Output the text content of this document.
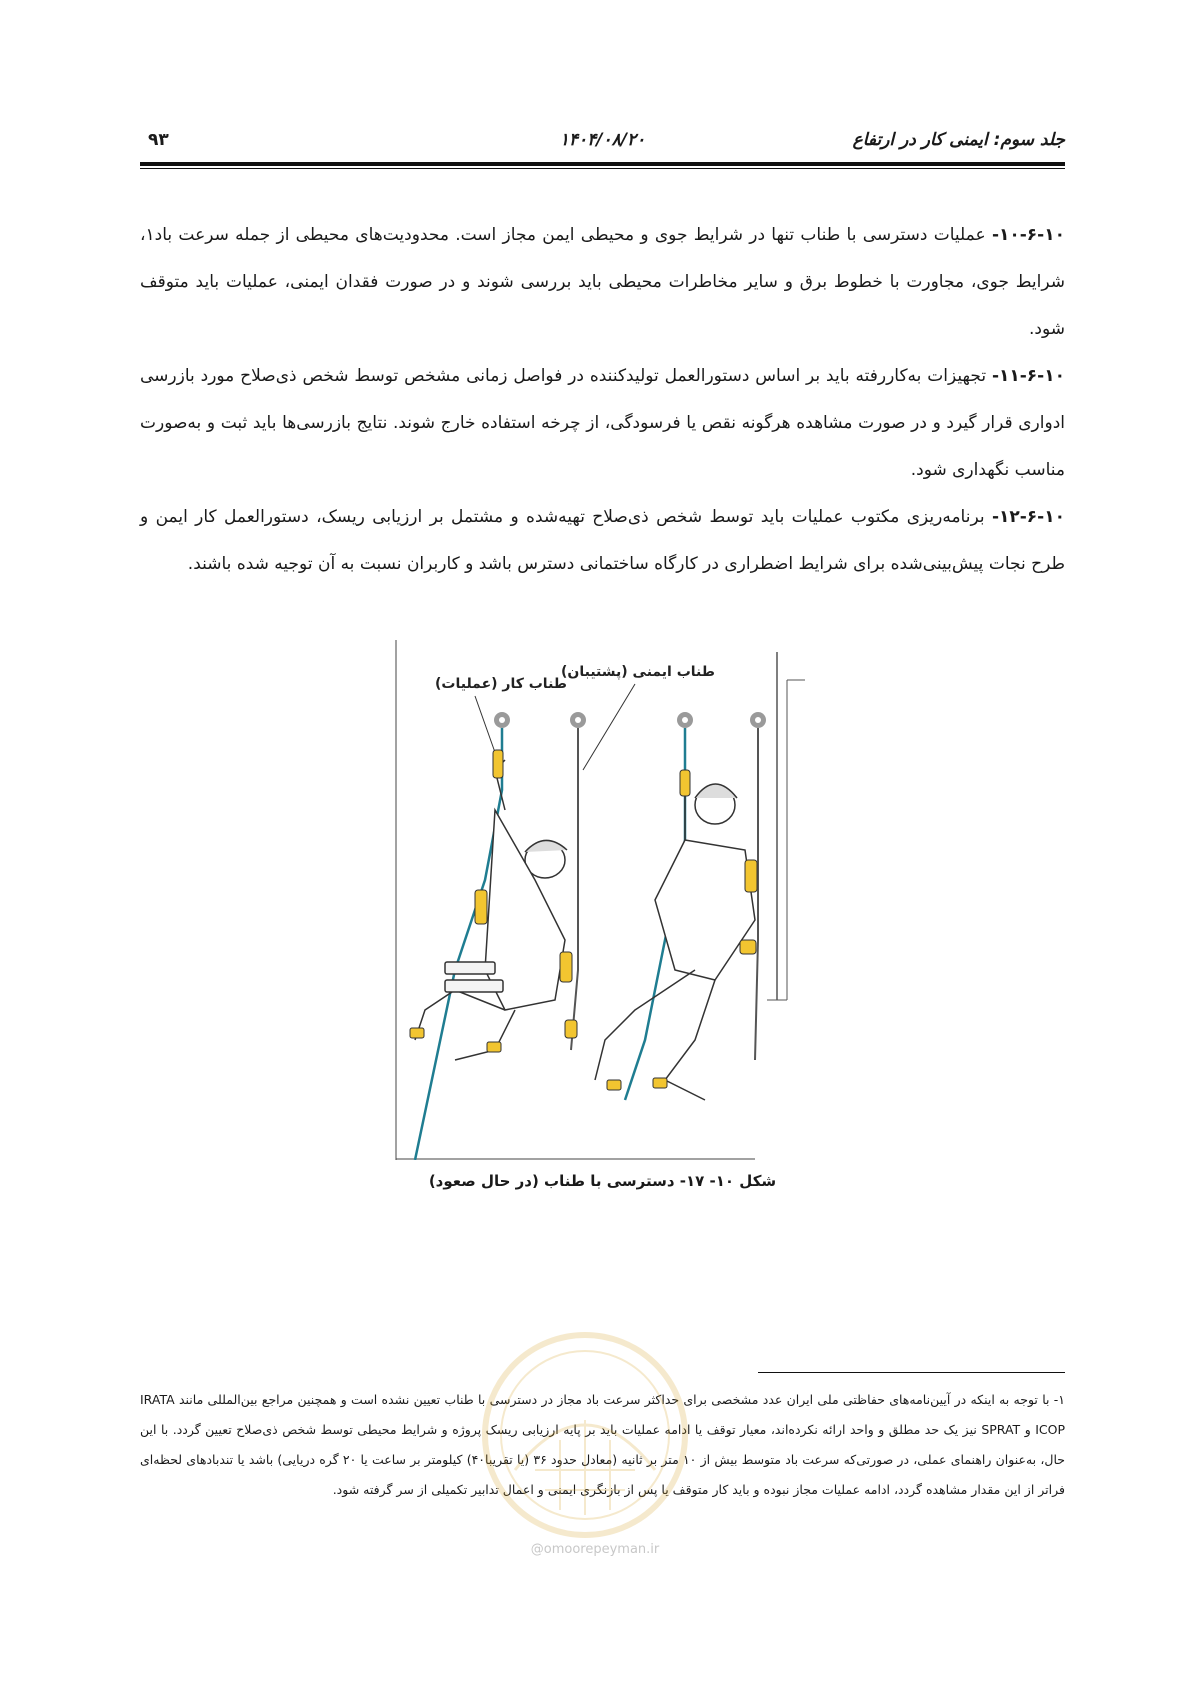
جلد سوم: ایمنی کار در ارتفاع
۱۴۰۴/۰۸/۲۰
۹۳

۱۰-۶-۱۰- عملیات دسترسی با طناب تنها در شرایط جوی و محیطی ایمن مجاز است. محدودیت‌های محیطی از جمله سرعت باد۱، شرایط جوی، مجاورت با خطوط برق و سایر مخاطرات محیطی باید بررسی شوند و در صورت فقدان ایمنی، عملیات باید متوقف شود.

۱۱-۶-۱۰- تجهیزات به‌کاررفته باید بر اساس دستورالعمل تولیدکننده در فواصل زمانی مشخص توسط شخص ذی‌صلاح مورد بازرسی ادواری قرار گیرد و در صورت مشاهده هرگونه نقص یا فرسودگی، از چرخه استفاده خارج شوند. نتایج بازرسی‌ها باید ثبت و به‌صورت مناسب نگهداری شود.

۱۲-۶-۱۰- برنامه‌ریزی مکتوب عملیات باید توسط شخص ذی‌صلاح تهیه‌شده و مشتمل بر ارزیابی ریسک، دستورالعمل کار ایمن و طرح نجات پیش‌بینی‌شده برای شرایط اضطراری در کارگاه ساختمانی دسترس باشد و کاربران نسبت به آن توجیه شده باشند.

طناب کار (عملیات)
طناب ایمنی (پشتیبان)
شکل ۱۰- ۱۷- دسترسی با طناب (در حال صعود)
۱- با توجه به اینکه در آیین‌نامه‌های حفاظتی ملی ایران عدد مشخصی برای حداکثر سرعت باد مجاز در دسترسی با طناب تعیین نشده است و همچنین مراجع بین‌المللی مانند IRATA ICOP و SPRAT نیز یک حد مطلق و واحد ارائه نکرده‌اند، معیار توقف یا ادامه عملیات باید بر پایه ارزیابی ریسک پروژه و شرایط محیطی توسط شخص ذی‌صلاح تعیین گردد. با این حال، به‌عنوان راهنمای عملی، در صورتی‌که سرعت باد متوسط بیش از ۱۰ متر بر ثانیه (معادل حدود ۳۶ (یا تقریبا۴۰) کیلومتر بر ساعت یا ۲۰ گره دریایی) باشد یا تندبادهای لحظه‌ای فراتر از این مقدار مشاهده گردد، ادامه عملیات مجاز نبوده و باید کار متوقف یا پس از بازنگری ایمنی و اعمال تدابیر تکمیلی از سر گرفته شود.
@omoorepeyman.ir
